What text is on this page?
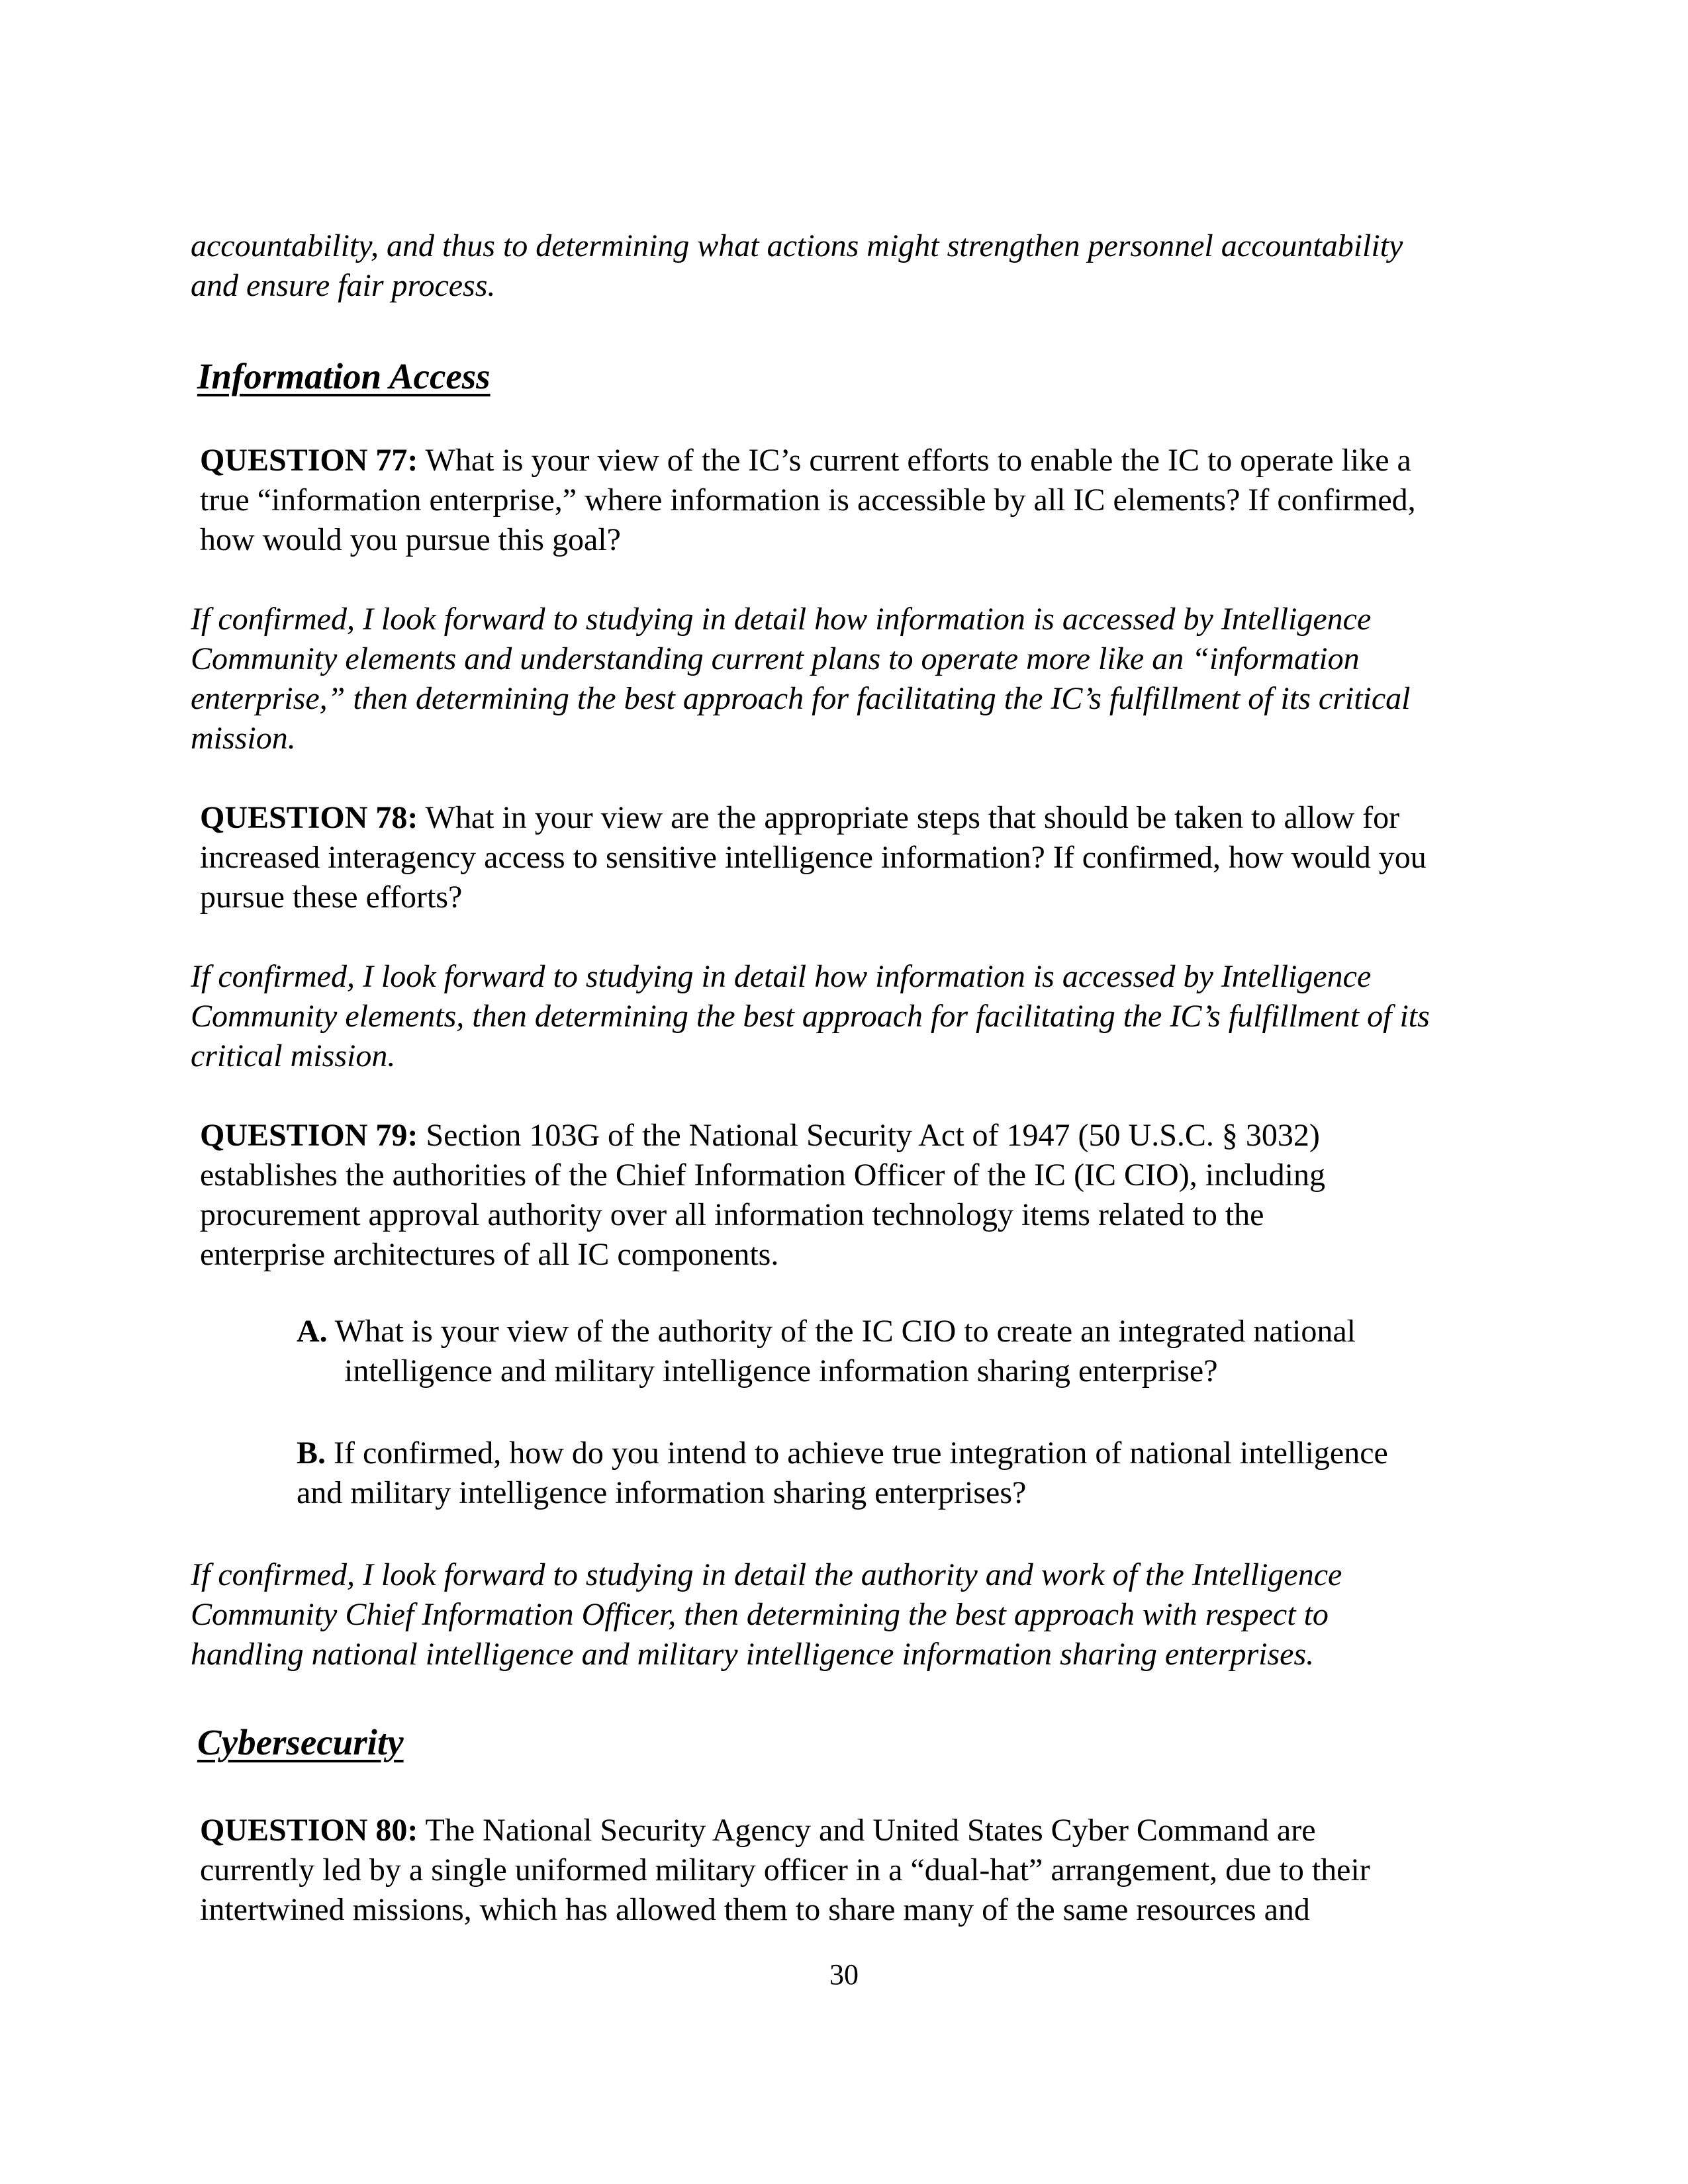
accountability, and thus to determining what actions might strengthen personnel accountability
and ensure fair process.
Information Access
QUESTION 77: What is your view of the IC’s current efforts to enable the IC to operate like a
true “information enterprise,” where information is accessible by all IC elements? If confirmed,
how would you pursue this goal?
If confirmed, I look forward to studying in detail how information is accessed by Intelligence
Community elements and understanding current plans to operate more like an “information
enterprise,” then determining the best approach for facilitating the IC’s fulfillment of its critical
mission.
QUESTION 78: What in your view are the appropriate steps that should be taken to allow for
increased interagency access to sensitive intelligence information? If confirmed, how would you
pursue these efforts?
If confirmed, I look forward to studying in detail how information is accessed by Intelligence
Community elements, then determining the best approach for facilitating the IC’s fulfillment of its
critical mission.
QUESTION 79: Section 103G of the National Security Act of 1947 (50 U.S.C. § 3032)
establishes the authorities of the Chief Information Officer of the IC (IC CIO), including
procurement approval authority over all information technology items related to the
enterprise architectures of all IC components.
A. What is your view of the authority of the IC CIO to create an integrated national
intelligence and military intelligence information sharing enterprise?
B. If confirmed, how do you intend to achieve true integration of national intelligence
and military intelligence information sharing enterprises?
If confirmed, I look forward to studying in detail the authority and work of the Intelligence
Community Chief Information Officer, then determining the best approach with respect to
handling national intelligence and military intelligence information sharing enterprises.
Cybersecurity
QUESTION 80: The National Security Agency and United States Cyber Command are
currently led by a single uniformed military officer in a “dual-hat” arrangement, due to their
intertwined missions, which has allowed them to share many of the same resources and
30
